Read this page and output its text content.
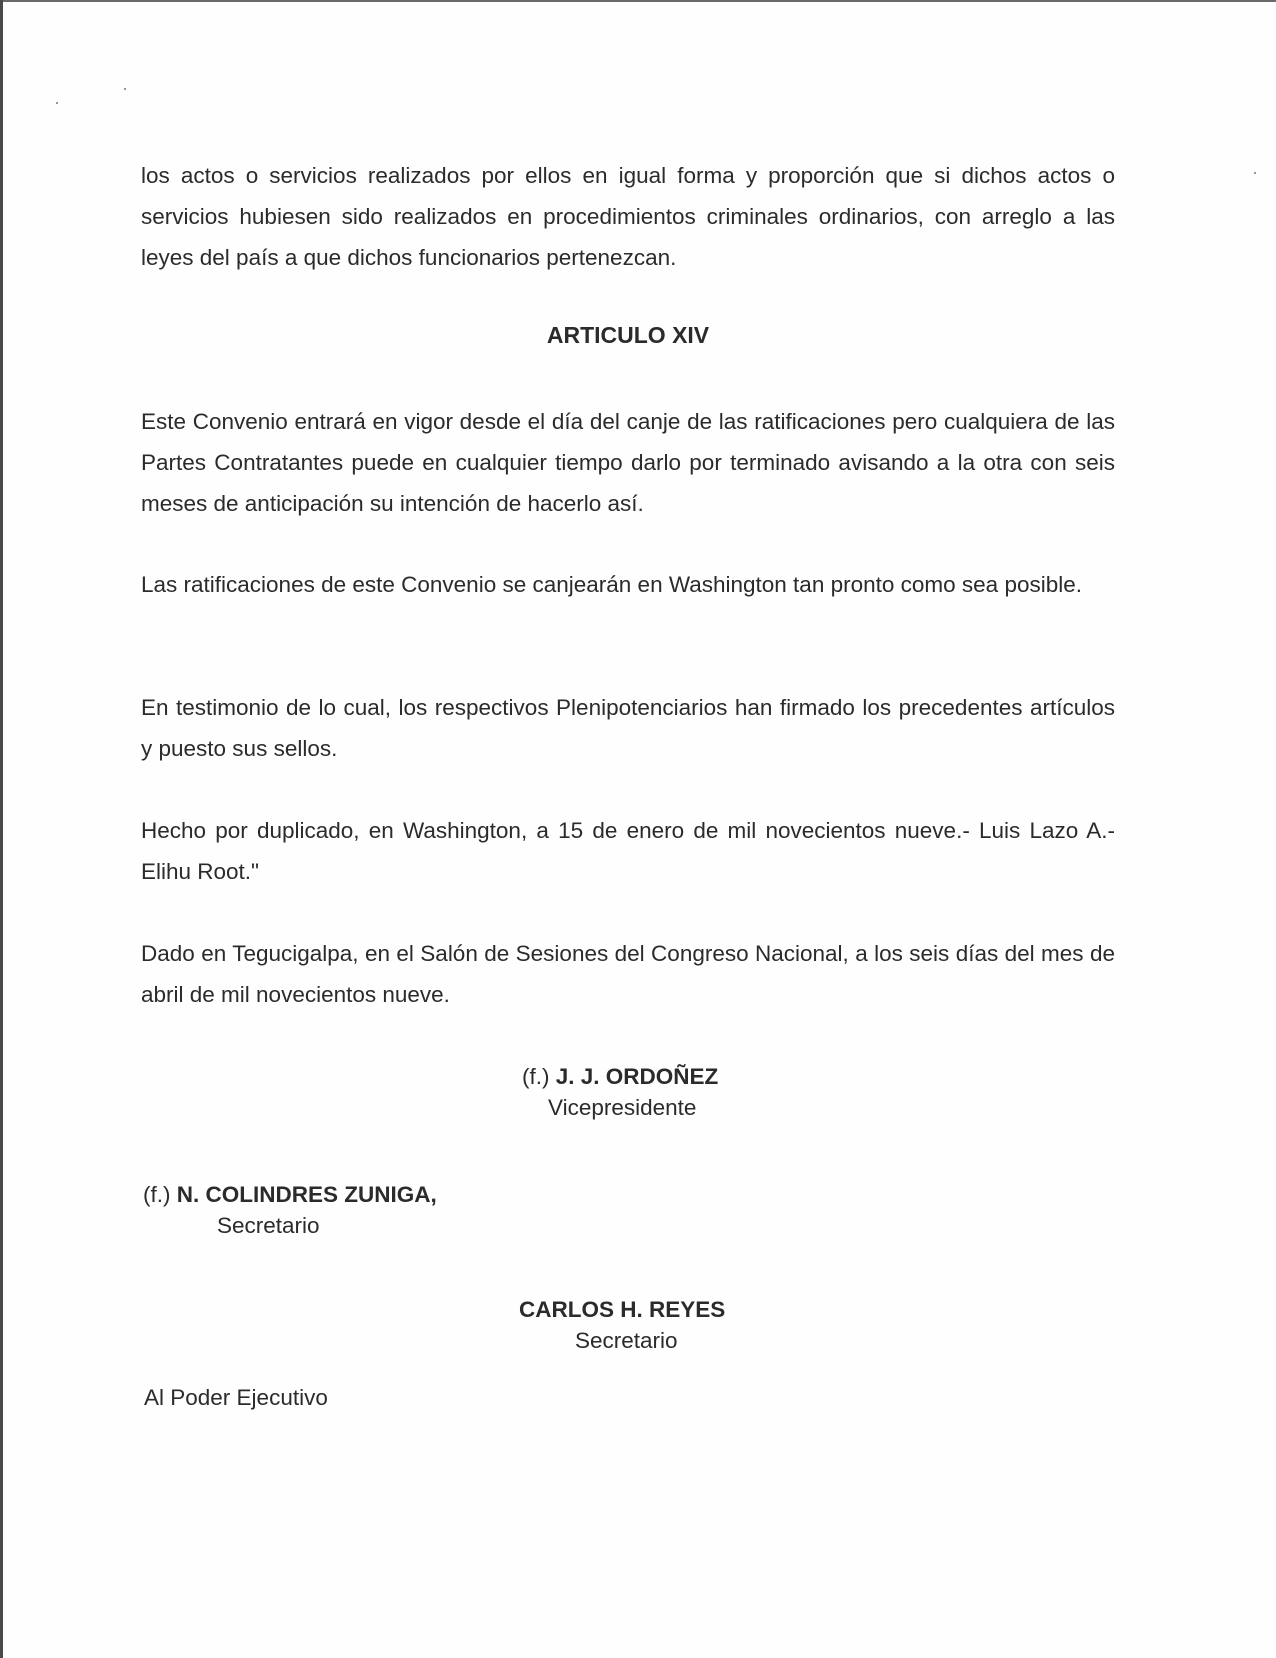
los actos o servicios realizados por ellos en igual forma y proporción que si dichos actos o servicios hubiesen sido realizados en procedimientos criminales ordinarios, con arreglo a las leyes del país a que dichos funcionarios pertenezcan.

ARTICULO XIV

Este Convenio entrará en vigor desde el día del canje de las ratificaciones pero cualquiera de las Partes Contratantes puede en cualquier tiempo darlo por terminado avisando a la otra con seis meses de anticipación su intención de hacerlo así.

Las ratificaciones de este Convenio se canjearán en Washington tan pronto como sea posible.

En testimonio de lo cual, los respectivos Plenipotenciarios han firmado los precedentes artículos y puesto sus sellos.

Hecho por duplicado, en Washington, a 15 de enero de mil novecientos nueve.- Luis Lazo A.- Elihu Root."

Dado en Tegucigalpa, en el Salón de Sesiones del Congreso Nacional, a los seis días del mes de abril de mil novecientos nueve.

(f.) J. J. ORDOÑEZ
Vicepresidente
(f.) N. COLINDRES ZUNIGA,
Secretario
CARLOS H. REYES
Secretario
Al Poder Ejecutivo
